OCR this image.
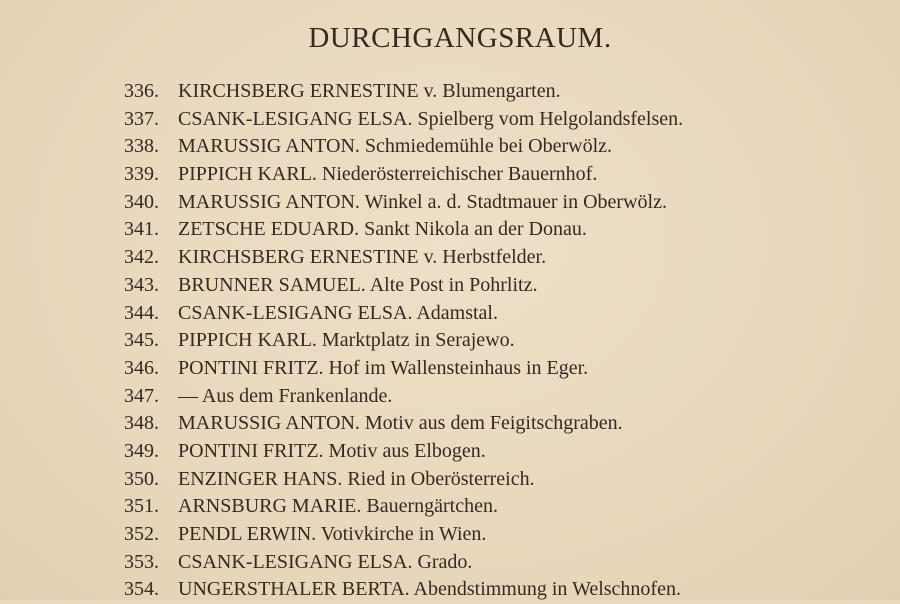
DURCHGANGSRAUM.
336. KIRCHSBERG ERNESTINE v. Blumengarten.
337. CSANK-LESIGANG ELSA. Spielberg vom Helgolandsfelsen.
338. MARUSSIG ANTON. Schmiedemühle bei Oberwölz.
339. PIPPICH KARL. Niederösterreichischer Bauernhof.
340. MARUSSIG ANTON. Winkel a. d. Stadtmauer in Oberwölz.
341. ZETSCHE EDUARD. Sankt Nikola an der Donau.
342. KIRCHSBERG ERNESTINE v. Herbstfelder.
343. BRUNNER SAMUEL. Alte Post in Pohrlitz.
344. CSANK-LESIGANG ELSA. Adamstal.
345. PIPPICH KARL. Marktplatz in Serajewo.
346. PONTINI FRITZ. Hof im Wallensteinhaus in Eger.
347. — Aus dem Frankenlande.
348. MARUSSIG ANTON. Motiv aus dem Feigitschgraben.
349. PONTINI FRITZ. Motiv aus Elbogen.
350. ENZINGER HANS. Ried in Oberösterreich.
351. ARNSBURG MARIE. Bauerngärtchen.
352. PENDL ERWIN. Votivkirche in Wien.
353. CSANK-LESIGANG ELSA. Grado.
354. UNGERSTHALER BERTA. Abendstimmung in Welschnofen.
